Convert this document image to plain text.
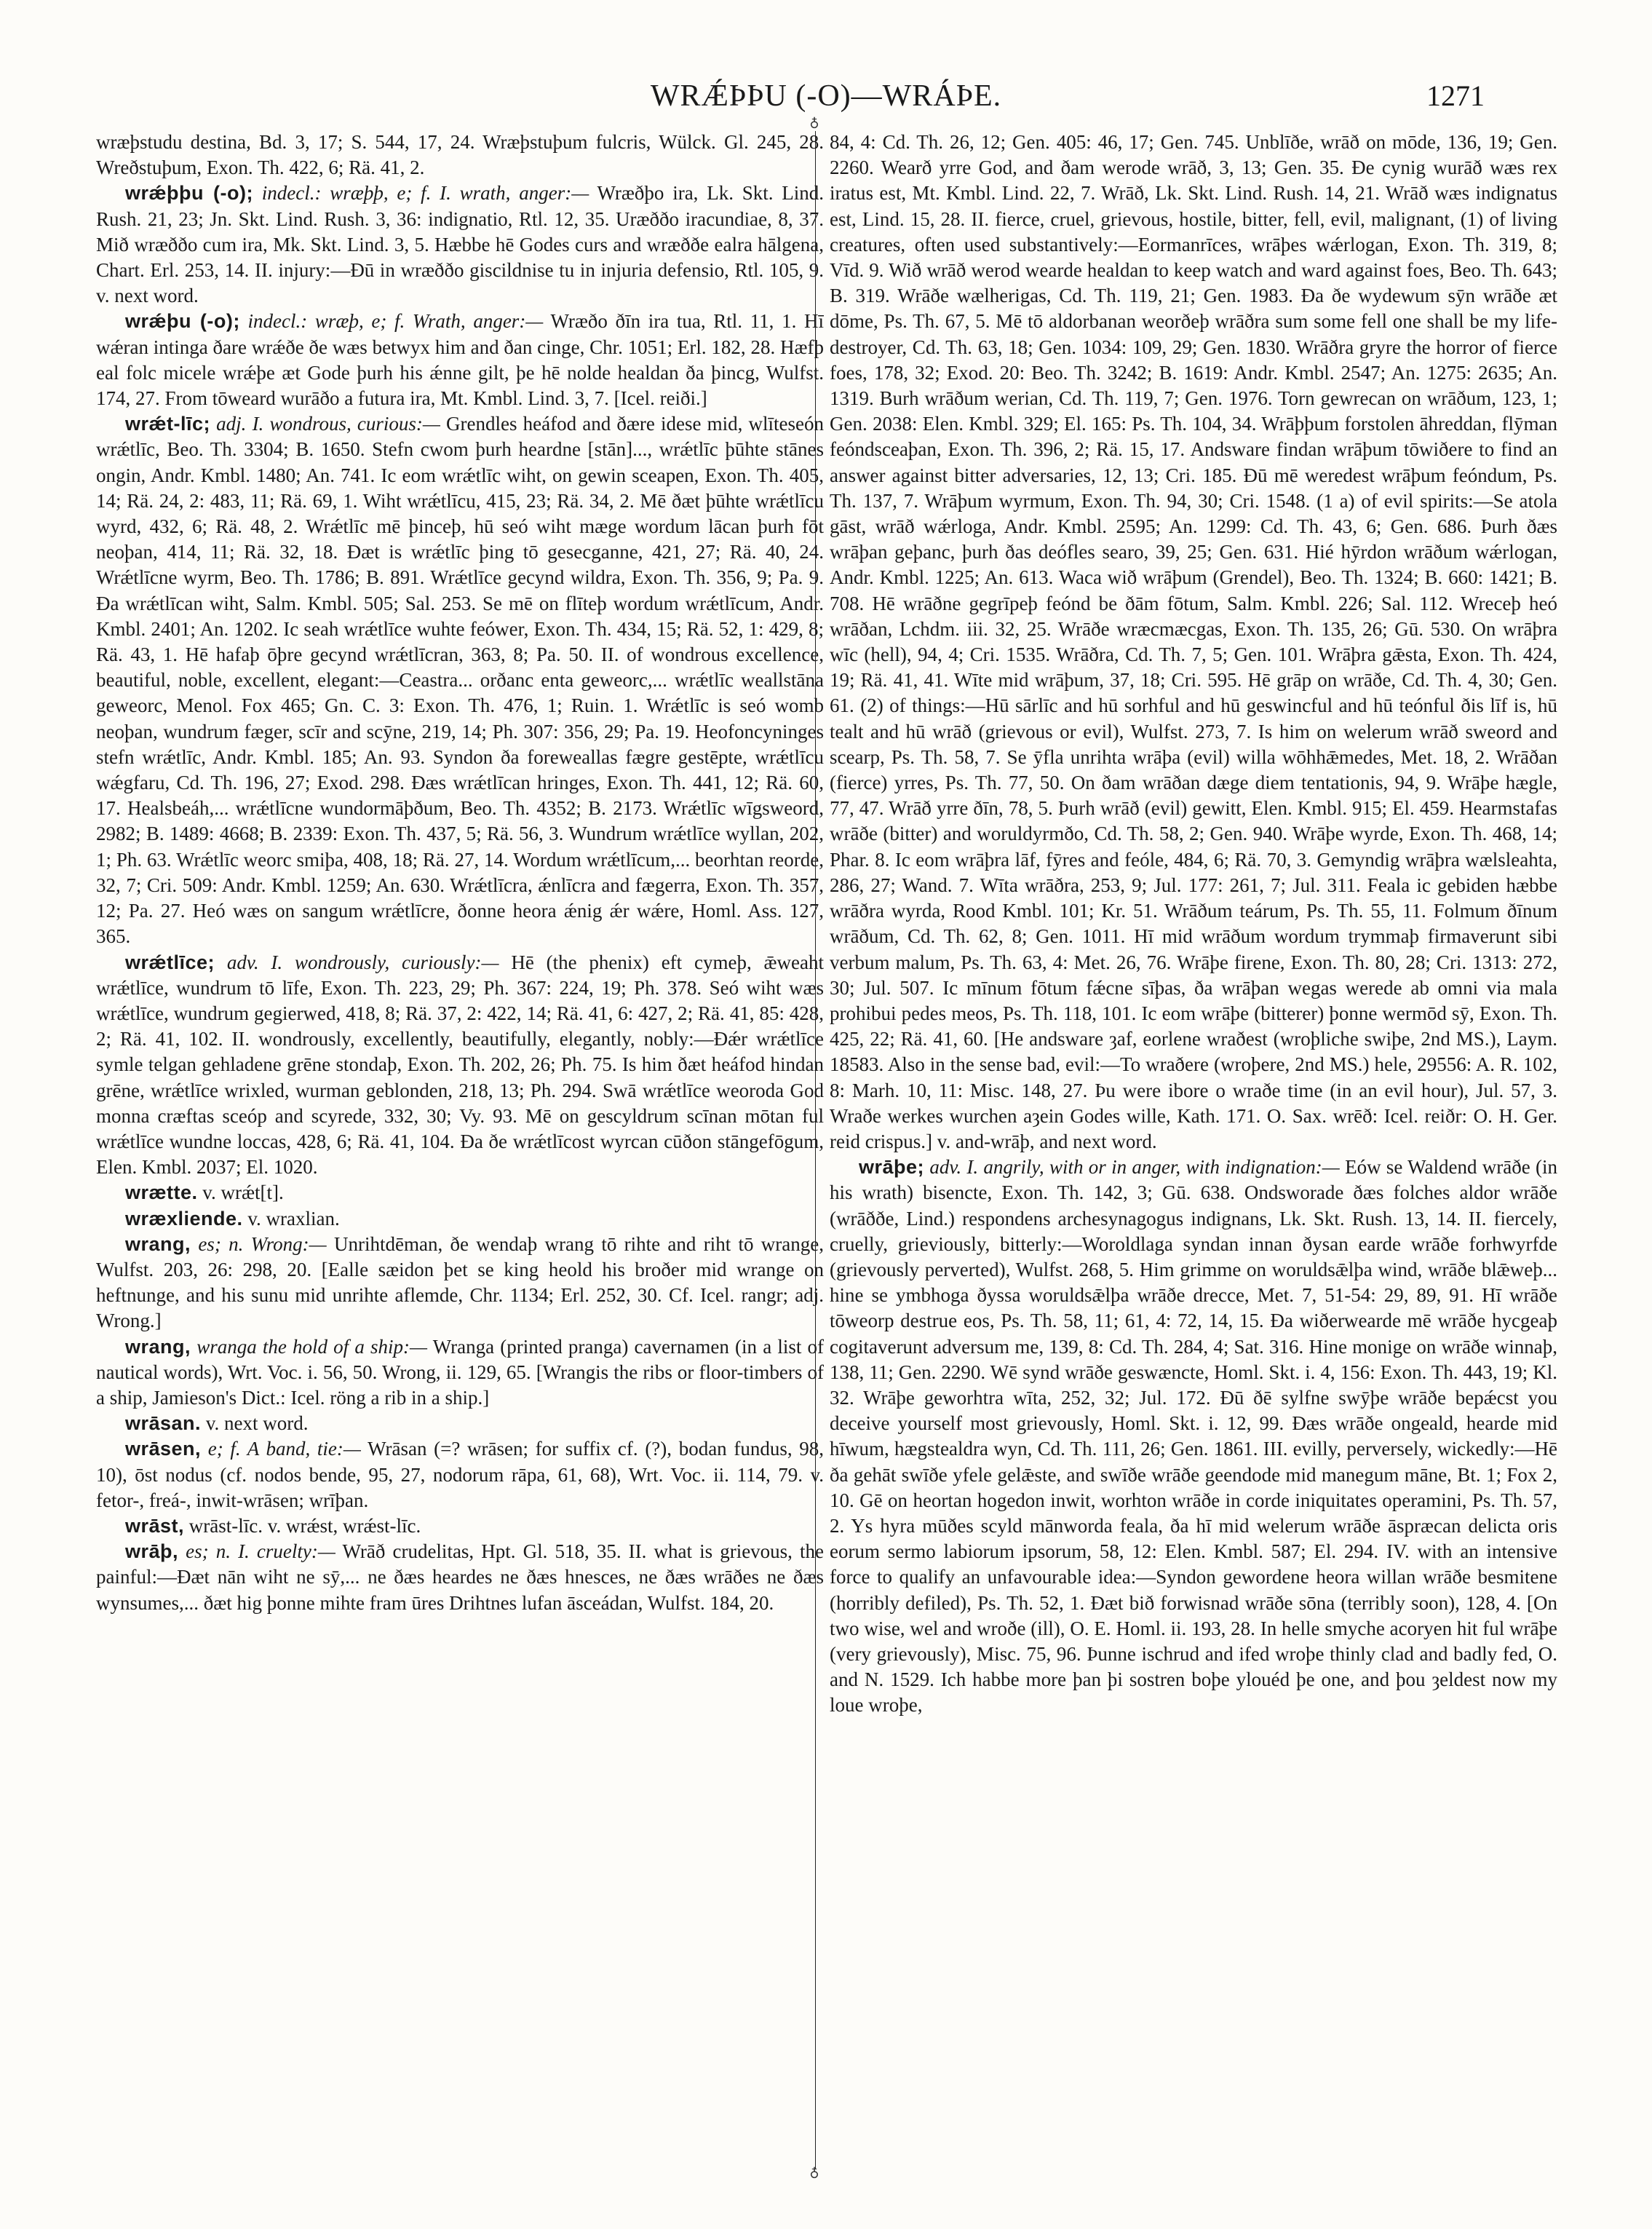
WRǼÞÞU (-O)—WRÁÞE.	1271
♁
♁

wræþstudu destina, Bd. 3, 17; S. 544, 17, 24. Wræþstuþum fulcris, Wülck. Gl. 245, 28. Wreðstuþum, Exon. Th. 422, 6; Rä. 41, 2.

wrǽþþu (-o); indecl.: wræþþ, e; f. I. wrath, anger:— Wræðþo ira, Lk. Skt. Lind. Rush. 21, 23; Jn. Skt. Lind. Rush. 3, 36: indignatio, Rtl. 12, 35. Uræððo iracundiae, 8, 37. Mið wræððo cum ira, Mk. Skt. Lind. 3, 5. Hæbbe hē Godes curs and wræððe ealra hālgena, Chart. Erl. 253, 14. II. injury:—Ðū in wræððo giscildnise tu in injuria defensio, Rtl. 105, 9. v. next word.

wrǽþu (-o); indecl.: wræþ, e; f. Wrath, anger:— Wræðo ðīn ira tua, Rtl. 11, 1. Hī wǽran intinga ðare wrǽðe ðe wæs betwyx him and ðan cinge, Chr. 1051; Erl. 182, 28. Hæfþ eal folc micele wrǽþe æt Gode þurh his ǽnne gilt, þe hē nolde healdan ða þincg, Wulfst. 174, 27. From tōweard wurāðo a futura ira, Mt. Kmbl. Lind. 3, 7. [Icel. reiði.]

wrǽt-līc; adj. I. wondrous, curious:— Grendles heáfod and ðære idese mid, wlīteseón wrǽtlīc, Beo. Th. 3304; B. 1650. Stefn cwom þurh heardne [stān]..., wrǽtlīc þūhte stānes ongin, Andr. Kmbl. 1480; An. 741. Ic eom wrǽtlīc wiht, on gewin sceapen, Exon. Th. 405, 14; Rä. 24, 2: 483, 11; Rä. 69, 1. Wiht wrǽtlīcu, 415, 23; Rä. 34, 2. Mē ðæt þūhte wrǽtlīcu wyrd, 432, 6; Rä. 48, 2. Wrǽtlīc mē þinceþ, hū seó wiht mæge wordum lācan þurh fōt neoþan, 414, 11; Rä. 32, 18. Ðæt is wrǽtlīc þing tō gesecganne, 421, 27; Rä. 40, 24. Wrǽtlīcne wyrm, Beo. Th. 1786; B. 891. Wrǽtlīce gecynd wildra, Exon. Th. 356, 9; Pa. 9. Ða wrǽtlīcan wiht, Salm. Kmbl. 505; Sal. 253. Se mē on flīteþ wordum wrǽtlīcum, Andr. Kmbl. 2401; An. 1202. Ic seah wrǽtlīce wuhte feówer, Exon. Th. 434, 15; Rä. 52, 1: 429, 8; Rä. 43, 1. Hē hafaþ ōþre gecynd wrǽtlīcran, 363, 8; Pa. 50. II. of wondrous excellence, beautiful, noble, excellent, elegant:—Ceastra... orðanc enta geweorc,... wrǽtlīc weallstāna geweorc, Menol. Fox 465; Gn. C. 3: Exon. Th. 476, 1; Ruin. 1. Wrǽtlīc is seó womb neoþan, wundrum fæger, scīr and scȳne, 219, 14; Ph. 307: 356, 29; Pa. 19. Heofoncyninges stefn wrǽtlīc, Andr. Kmbl. 185; An. 93. Syndon ða foreweallas fægre gestēpte, wrǽtlīcu wǽgfaru, Cd. Th. 196, 27; Exod. 298. Ðæs wrǽtlīcan hringes, Exon. Th. 441, 12; Rä. 60, 17. Healsbeáh,... wrǽtlīcne wundormāþðum, Beo. Th. 4352; B. 2173. Wrǽtlīc wīgsweord, 2982; B. 1489: 4668; B. 2339: Exon. Th. 437, 5; Rä. 56, 3. Wundrum wrǽtlīce wyllan, 202, 1; Ph. 63. Wrǽtlīc weorc smiþa, 408, 18; Rä. 27, 14. Wordum wrǽtlīcum,... beorhtan reorde, 32, 7; Cri. 509: Andr. Kmbl. 1259; An. 630. Wrǽtlīcra, ǽnlīcra and fægerra, Exon. Th. 357, 12; Pa. 27. Heó wæs on sangum wrǽtlīcre, ðonne heora ǽnig ǽr wǽre, Homl. Ass. 127, 365.

wrǽtlīce; adv. I. wondrously, curiously:— Hē (the phenix) eft cymeþ, ǣweaht wrǽtlīce, wundrum tō līfe, Exon. Th. 223, 29; Ph. 367: 224, 19; Ph. 378. Seó wiht wæs wrǽtlīce, wundrum gegierwed, 418, 8; Rä. 37, 2: 422, 14; Rä. 41, 6: 427, 2; Rä. 41, 85: 428, 2; Rä. 41, 102. II. wondrously, excellently, beautifully, elegantly, nobly:—Ðǽr wrǽtlīce symle telgan gehladene grēne stondaþ, Exon. Th. 202, 26; Ph. 75. Is him ðæt heáfod hindan grēne, wrǽtlīce wrixled, wurman geblonden, 218, 13; Ph. 294. Swā wrǽtlīce weoroda God monna cræftas sceóp and scyrede, 332, 30; Vy. 93. Mē on gescyldrum scīnan mōtan ful wrǽtlīce wundne loccas, 428, 6; Rä. 41, 104. Ða ðe wrǽtlīcost wyrcan cūðon stāngefōgum, Elen. Kmbl. 2037; El. 1020.

wrætte. v. wrǽt[t].

wræxliende. v. wraxlian.

wrang, es; n. Wrong:— Unrihtdēman, ðe wendaþ wrang tō rihte and riht tō wrange, Wulfst. 203, 26: 298, 20. [Ealle sæidon þet se king heold his broðer mid wrange on heftnunge, and his sunu mid unrihte aflemde, Chr. 1134; Erl. 252, 30. Cf. Icel. rangr; adj. Wrong.]

wrang, wranga the hold of a ship:— Wranga (printed pranga) cavernamen (in a list of nautical words), Wrt. Voc. i. 56, 50. Wrong, ii. 129, 65. [Wrangis the ribs or floor-timbers of a ship, Jamieson's Dict.: Icel. röng a rib in a ship.]

wrāsan. v. next word.

wrāsen, e; f. A band, tie:— Wrāsan (=? wrāsen; for suffix cf. (?), bodan fundus, 98, 10), ōst nodus (cf. nodos bende, 95, 27, nodorum rāpa, 61, 68), Wrt. Voc. ii. 114, 79. v. fetor-, freá-, inwit-wrāsen; wrīþan.

wrāst, wrāst-līc. v. wrǽst, wrǽst-līc.

wrāþ, es; n. I. cruelty:— Wrāð crudelitas, Hpt. Gl. 518, 35. II. what is grievous, the painful:—Ðæt nān wiht ne sȳ,... ne ðæs heardes ne ðæs hnesces, ne ðæs wrāðes ne ðæs wynsumes,... ðæt hig þonne mihte fram ūres Drihtnes lufan āsceádan, Wulfst. 184, 20.

84, 4: Cd. Th. 26, 12; Gen. 405: 46, 17; Gen. 745. Unblīðe, wrāð on mōde, 136, 19; Gen. 2260. Wearð yrre God, and ðam werode wrāð, 3, 13; Gen. 35. Ðe cynig wurāð wæs rex iratus est, Mt. Kmbl. Lind. 22, 7. Wrāð, Lk. Skt. Lind. Rush. 14, 21. Wrāð wæs indignatus est, Lind. 15, 28. II. fierce, cruel, grievous, hostile, bitter, fell, evil, malignant, (1) of living creatures, often used substantively:—Eormanrīces, wrāþes wǽrlogan, Exon. Th. 319, 8; Vīd. 9. Wið wrāð werod wearde healdan to keep watch and ward against foes, Beo. Th. 643; B. 319. Wrāðe wælherigas, Cd. Th. 119, 21; Gen. 1983. Ða ðe wydewum sȳn wrāðe æt dōme, Ps. Th. 67, 5. Mē tō aldorbanan weorðeþ wrāðra sum some fell one shall be my life-destroyer, Cd. Th. 63, 18; Gen. 1034: 109, 29; Gen. 1830. Wrāðra gryre the horror of fierce foes, 178, 32; Exod. 20: Beo. Th. 3242; B. 1619: Andr. Kmbl. 2547; An. 1275: 2635; An. 1319. Burh wrāðum werian, Cd. Th. 119, 7; Gen. 1976. Torn gewrecan on wrāðum, 123, 1; Gen. 2038: Elen. Kmbl. 329; El. 165: Ps. Th. 104, 34. Wrāþþum forstolen āhreddan, flȳman feóndsceaþan, Exon. Th. 396, 2; Rä. 15, 17. Andsware findan wrāþum tōwiðere to find an answer against bitter adversaries, 12, 13; Cri. 185. Ðū mē weredest wrāþum feóndum, Ps. Th. 137, 7. Wrāþum wyrmum, Exon. Th. 94, 30; Cri. 1548. (1 a) of evil spirits:—Se atola gāst, wrāð wǽrloga, Andr. Kmbl. 2595; An. 1299: Cd. Th. 43, 6; Gen. 686. Þurh ðæs wrāþan geþanc, þurh ðas deófles searo, 39, 25; Gen. 631. Hié hȳrdon wrāðum wǽrlogan, Andr. Kmbl. 1225; An. 613. Waca wið wrāþum (Grendel), Beo. Th. 1324; B. 660: 1421; B. 708. Hē wrāðne gegrīpeþ feónd be ðām fōtum, Salm. Kmbl. 226; Sal. 112. Wreceþ heó wrāðan, Lchdm. iii. 32, 25. Wrāðe wræcmæcgas, Exon. Th. 135, 26; Gū. 530. On wrāþra wīc (hell), 94, 4; Cri. 1535. Wrāðra, Cd. Th. 7, 5; Gen. 101. Wrāþra gǣsta, Exon. Th. 424, 19; Rä. 41, 41. Wīte mid wrāþum, 37, 18; Cri. 595. Hē grāp on wrāðe, Cd. Th. 4, 30; Gen. 61. (2) of things:—Hū sārlīc and hū sorhful and hū geswincful and hū teónful ðis līf is, hū tealt and hū wrāð (grievous or evil), Wulfst. 273, 7. Is him on welerum wrāð sweord and scearp, Ps. Th. 58, 7. Se ȳfla unrihta wrāþa (evil) willa wōhhǣmedes, Met. 18, 2. Wrāðan (fierce) yrres, Ps. Th. 77, 50. On ðam wrāðan dæge diem tentationis, 94, 9. Wrāþe hægle, 77, 47. Wrāð yrre ðīn, 78, 5. Þurh wrāð (evil) gewitt, Elen. Kmbl. 915; El. 459. Hearmstafas wrāðe (bitter) and woruldyrmðo, Cd. Th. 58, 2; Gen. 940. Wrāþe wyrde, Exon. Th. 468, 14; Phar. 8. Ic eom wrāþra lāf, fȳres and feóle, 484, 6; Rä. 70, 3. Gemyndig wrāþra wælsleahta, 286, 27; Wand. 7. Wīta wrāðra, 253, 9; Jul. 177: 261, 7; Jul. 311. Feala ic gebiden hæbbe wrāðra wyrda, Rood Kmbl. 101; Kr. 51. Wrāðum teárum, Ps. Th. 55, 11. Folmum ðīnum wrāðum, Cd. Th. 62, 8; Gen. 1011. Hī mid wrāðum wordum trymmaþ firmaverunt sibi verbum malum, Ps. Th. 63, 4: Met. 26, 76. Wrāþe firene, Exon. Th. 80, 28; Cri. 1313: 272, 30; Jul. 507. Ic mīnum fōtum fǽcne sīþas, ða wrāþan wegas werede ab omni via mala prohibui pedes meos, Ps. Th. 118, 101. Ic eom wrāþe (bitterer) þonne wermōd sȳ, Exon. Th. 425, 22; Rä. 41, 60. [He andsware ȝaf, eorlene wraðest (wroþliche swiþe, 2nd MS.), Laym. 18583. Also in the sense bad, evil:—To wraðere (wroþere, 2nd MS.) hele, 29556: A. R. 102, 8: Marh. 10, 11: Misc. 148, 27. Þu were ibore o wraðe time (in an evil hour), Jul. 57, 3. Wraðe werkes wurchen aȝein Godes wille, Kath. 171. O. Sax. wrēð: Icel. reiðr: O. H. Ger. reid crispus.] v. and-wrāþ, and next word.

wrāþe; adv. I. angrily, with or in anger, with indignation:— Eów se Waldend wrāðe (in his wrath) bisencte, Exon. Th. 142, 3; Gū. 638. Ondsworade ðæs folches aldor wrāðe (wrāððe, Lind.) respondens archesynagogus indignans, Lk. Skt. Rush. 13, 14. II. fiercely, cruelly, grieviously, bitterly:—Woroldlaga syndan innan ðysan earde wrāðe forhwyrfde (grievously perverted), Wulfst. 268, 5. Him grimme on woruldsǣlþa wind, wrāðe blǣweþ... hine se ymbhoga ðyssa woruldsǣlþa wrāðe drecce, Met. 7, 51-54: 29, 89, 91. Hī wrāðe tōweorp destrue eos, Ps. Th. 58, 11; 61, 4: 72, 14, 15. Ða wiðerwearde mē wrāðe hycgeaþ cogitaverunt adversum me, 139, 8: Cd. Th. 284, 4; Sat. 316. Hine monige on wrāðe winnaþ, 138, 11; Gen. 2290. Wē synd wrāðe geswæncte, Homl. Skt. i. 4, 156: Exon. Th. 443, 19; Kl. 32. Wrāþe geworhtra wīta, 252, 32; Jul. 172. Ðū ðē sylfne swȳþe wrāðe bepǽcst you deceive yourself most grievously, Homl. Skt. i. 12, 99. Ðæs wrāðe ongeald, hearde mid hīwum, hægstealdra wyn, Cd. Th. 111, 26; Gen. 1861. III. evilly, perversely, wickedly:—Hē ða gehāt swīðe yfele gelǣste, and swīðe wrāðe geendode mid manegum māne, Bt. 1; Fox 2, 10. Gē on heortan hogedon inwit, worhton wrāðe in corde iniquitates operamini, Ps. Th. 57, 2. Ys hyra mūðes scyld mānworda feala, ða hī mid welerum wrāðe āspræcan delicta oris eorum sermo labiorum ipsorum, 58, 12: Elen. Kmbl. 587; El. 294. IV. with an intensive force to qualify an unfavourable idea:—Syndon gewordene heora willan wrāðe besmitene (horribly defiled), Ps. Th. 52, 1. Ðæt bið forwisnad wrāðe sōna (terribly soon), 128, 4. [On two wise, wel and wroðe (ill), O. E. Homl. ii. 193, 28. In helle smyche acoryen hit ful wrāþe (very grievously), Misc. 75, 96. Þunne ischrud and ifed wroþe thinly clad and badly fed, O. and N. 1529. Ich habbe more þan þi sostren boþe ylouéd þe one, and þou ȝeldest now my loue wroþe,
